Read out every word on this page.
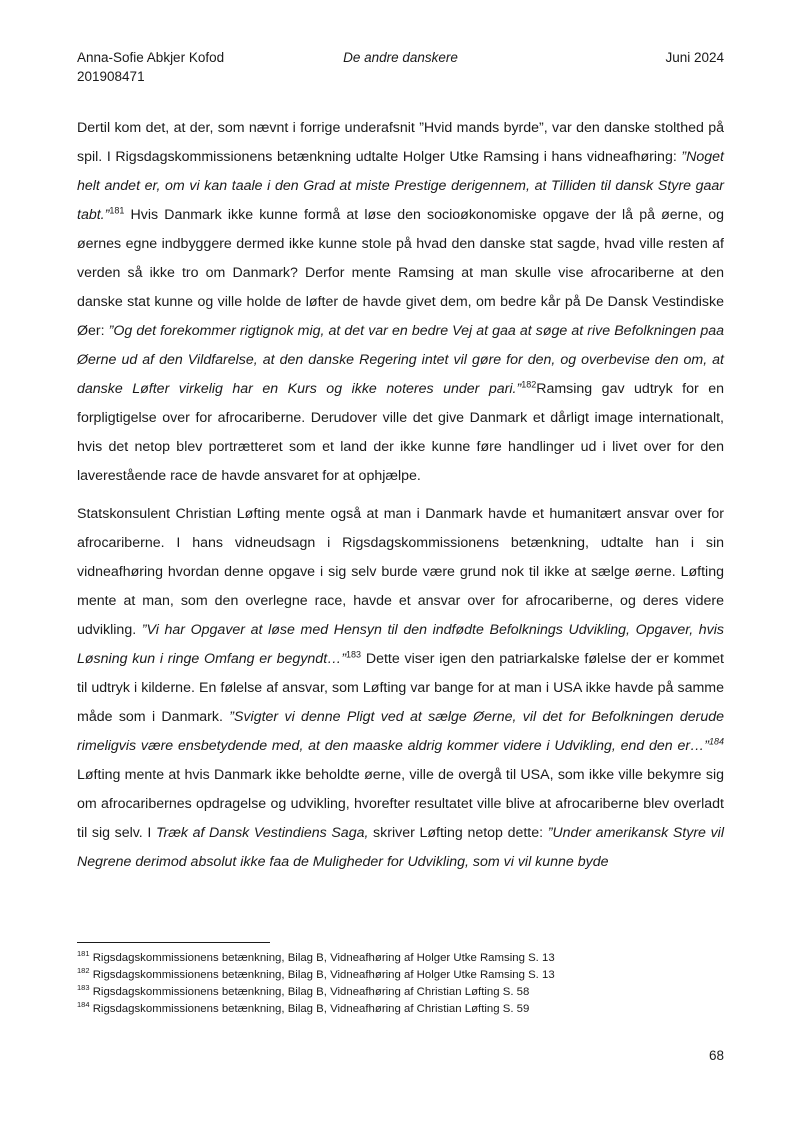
Anna-Sofie Abkjer Kofod
201908471
De andre danskere	Juni 2024

Dertil kom det, at der, som nævnt i forrige underafsnit ”Hvid mands byrde”, var den danske stolthed på spil. I Rigsdagskommissionens betænkning udtalte Holger Utke Ramsing i hans vidneafhøring: ”Noget helt andet er, om vi kan taale i den Grad at miste Prestige derigennem, at Tilliden til dansk Styre gaar tabt.”$^{181}$ Hvis Danmark ikke kunne formå at løse den socioøkonomiske opgave der lå på øerne, og øernes egne indbyggere dermed ikke kunne stole på hvad den danske stat sagde, hvad ville resten af verden så ikke tro om Danmark? Derfor mente Ramsing at man skulle vise afrocariberne at den danske stat kunne og ville holde de løfter de havde givet dem, om bedre kår på De Dansk Vestindiske Øer: ”Og det forekommer rigtignok mig, at det var en bedre Vej at gaa at søge at rive Befolkningen paa Øerne ud af den Vildfarelse, at den danske Regering intet vil gøre for den, og overbevise den om, at danske Løfter virkelig har en Kurs og ikke noteres under pari.”$^{182}$Ramsing gav udtryk for en forpligtigelse over for afrocariberne. Derudover ville det give Danmark et dårligt image internationalt, hvis det netop blev portrætteret som et land der ikke kunne føre handlinger ud i livet over for den laverestående race de havde ansvaret for at ophjælpe.

Statskonsulent Christian Løfting mente også at man i Danmark havde et humanitært ansvar over for afrocariberne. I hans vidneudsagn i Rigsdagskommissionens betænkning, udtalte han i sin vidneafhøring hvordan denne opgave i sig selv burde være grund nok til ikke at sælge øerne. Løfting mente at man, som den overlegne race, havde et ansvar over for afrocariberne, og deres videre udvikling. ”Vi har Opgaver at løse med Hensyn til den indfødte Befolknings Udvikling, Opgaver, hvis Løsning kun i ringe Omfang er begyndt…”$^{183}$ Dette viser igen den patriarkalske følelse der er kommet til udtryk i kilderne. En følelse af ansvar, som Løfting var bange for at man i USA ikke havde på samme måde som i Danmark. ”Svigter vi denne Pligt ved at sælge Øerne, vil det for Befolkningen derude rimeligvis være ensbetydende med, at den maaske aldrig kommer videre i Udvikling, end den er…”$^{184}$ Løfting mente at hvis Danmark ikke beholdte øerne, ville de overgå til USA, som ikke ville bekymre sig om afrocaribernes opdragelse og udvikling, hvorefter resultatet ville blive at afrocariberne blev overladt til sig selv. I Træk af Dansk Vestindiens Saga, skriver Løfting netop dette: ”Under amerikansk Styre vil Negrene derimod absolut ikke faa de Muligheder for Udvikling, som vi vil kunne byde

$^{181}$ Rigsdagskommissionens betænkning, Bilag B, Vidneafhøring af Holger Utke Ramsing S. 13
$^{182}$ Rigsdagskommissionens betænkning, Bilag B, Vidneafhøring af Holger Utke Ramsing S. 13
$^{183}$ Rigsdagskommissionens betænkning, Bilag B, Vidneafhøring af Christian Løfting S. 58
$^{184}$ Rigsdagskommissionens betænkning, Bilag B, Vidneafhøring af Christian Løfting S. 59
68
